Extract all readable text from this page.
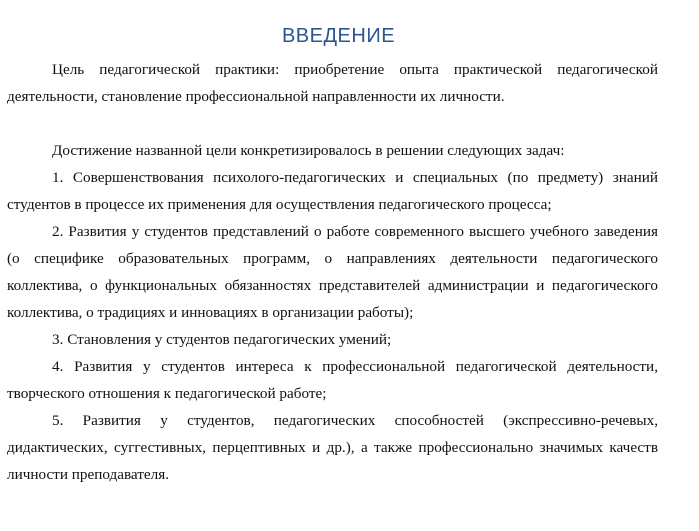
ВВЕДЕНИЕ

Цель педагогической практики: приобретение опыта практической педагогической деятельности, становление профессиональной направленности их личности.

Достижение названной цели конкретизировалось в решении следующих задач:

1. Совершенствования психолого-педагогических и специальных (по предмету) знаний студентов в процессе их применения для осуществления педагогического процесса;

2. Развития у студентов представлений о работе современного высшего учебного заведения (о специфике образовательных программ, о направлениях деятельности педагогического коллектива, о функциональных обязанностях представителей администрации и педагогического коллектива, о традициях и инновациях в организации работы);

3. Становления у студентов педагогических умений;

4. Развития у студентов интереса к профессиональной педагогической деятельности, творческого отношения к педагогической работе;

5. Развития у студентов, педагогических способностей (экспрессивно-речевых, дидактических, суггестивных, перцептивных и др.), а также профессионально значимых качеств личности преподавателя.
